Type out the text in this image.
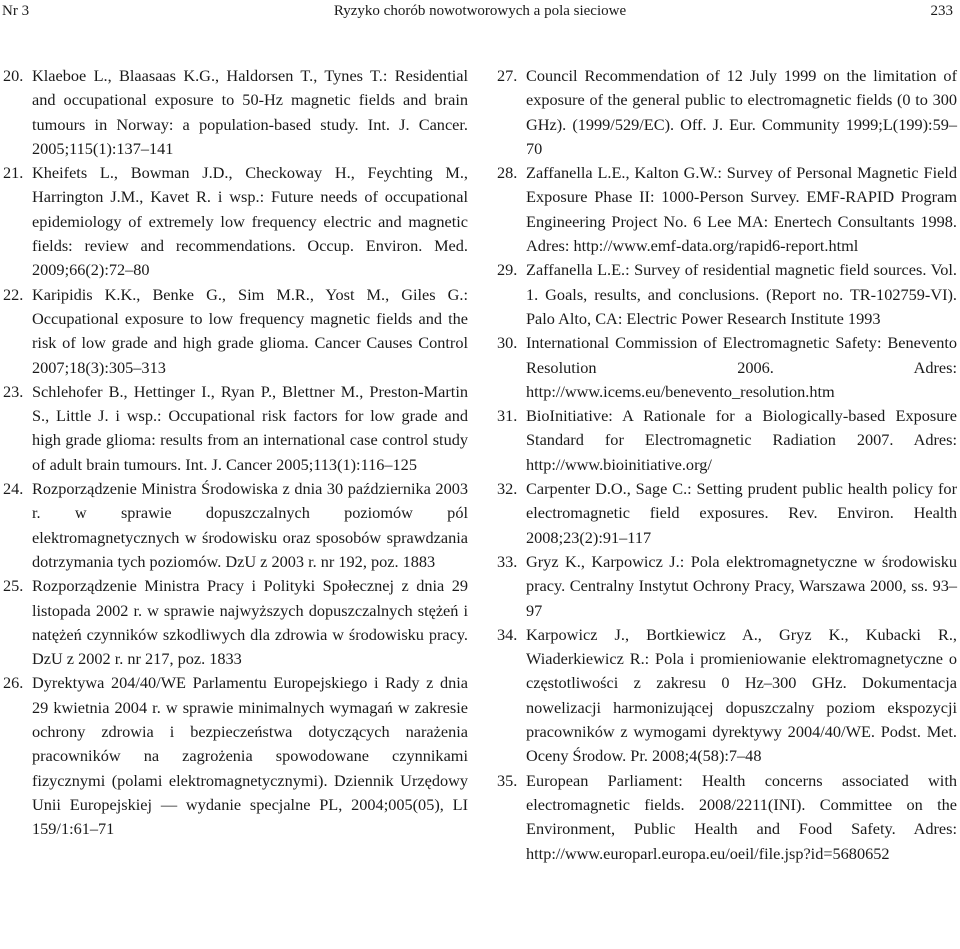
Nr 3	Ryzyko chorób nowotworowych a pola sieciowe	233

20. Klaeboe L., Blaasaas K.G., Haldorsen T., Tynes T.: Residential and occupational exposure to 50-Hz magnetic fields and brain tumours in Norway: a population-based study. Int. J. Cancer. 2005;115(1):137–141

21. Kheifets L., Bowman J.D., Checkoway H., Feychting M., Harrington J.M., Kavet R. i wsp.: Future needs of occupational epidemiology of extremely low frequency electric and magnetic fields: review and recommendations. Occup. Environ. Med. 2009;66(2):72–80

22. Karipidis K.K., Benke G., Sim M.R., Yost M., Giles G.: Occupational exposure to low frequency magnetic fields and the risk of low grade and high grade glioma. Cancer Causes Control 2007;18(3):305–313

23. Schlehofer B., Hettinger I., Ryan P., Blettner M., Preston-Martin S., Little J. i wsp.: Occupational risk factors for low grade and high grade glioma: results from an international case control study of adult brain tumours. Int. J. Cancer 2005;113(1):116–125

24. Rozporządzenie Ministra Środowiska z dnia 30 października 2003 r. w sprawie dopuszczalnych poziomów pól elektromagnetycznych w środowisku oraz sposobów sprawdzania dotrzymania tych poziomów. DzU z 2003 r. nr 192, poz. 1883

25. Rozporządzenie Ministra Pracy i Polityki Społecznej z dnia 29 listopada 2002 r. w sprawie najwyższych dopuszczalnych stężeń i natężeń czynników szkodliwych dla zdrowia w środowisku pracy. DzU z 2002 r. nr 217, poz. 1833

26. Dyrektywa 204/40/WE Parlamentu Europejskiego i Rady z dnia 29 kwietnia 2004 r. w sprawie minimalnych wymagań w zakresie ochrony zdrowia i bezpieczeństwa dotyczących narażenia pracowników na zagrożenia spowodowane czynnikami fizycznymi (polami elektromagnetycznymi). Dziennik Urzędowy Unii Europejskiej — wydanie specjalne PL, 2004;005(05), LI 159/1:61–71

27. Council Recommendation of 12 July 1999 on the limitation of exposure of the general public to electromagnetic fields (0 to 300 GHz). (1999/529/EC). Off. J. Eur. Community 1999;L(199):59–70

28. Zaffanella L.E., Kalton G.W.: Survey of Personal Magnetic Field Exposure Phase II: 1000-Person Survey. EMF-RAPID Program Engineering Project No. 6 Lee MA: Enertech Consultants 1998. Adres: http://www.emf-data.org/rapid6-report.html

29. Zaffanella L.E.: Survey of residential magnetic field sources. Vol. 1. Goals, results, and conclusions. (Report no. TR-102759-VI). Palo Alto, CA: Electric Power Research Institute 1993

30. International Commission of Electromagnetic Safety: Benevento Resolution 2006. Adres: http://www.icems.eu/benevento_resolution.htm

31. BioInitiative: A Rationale for a Biologically-based Exposure Standard for Electromagnetic Radiation 2007. Adres: http://www.bioinitiative.org/

32. Carpenter D.O., Sage C.: Setting prudent public health policy for electromagnetic field exposures. Rev. Environ. Health 2008;23(2):91–117

33. Gryz K., Karpowicz J.: Pola elektromagnetyczne w środowisku pracy. Centralny Instytut Ochrony Pracy, Warszawa 2000, ss. 93–97

34. Karpowicz J., Bortkiewicz A., Gryz K., Kubacki R., Wiaderkiewicz R.: Pola i promieniowanie elektromagnetyczne o częstotliwości z zakresu 0 Hz–300 GHz. Dokumentacja nowelizacji harmonizującej dopuszczalny poziom ekspozycji pracowników z wymogami dyrektywy 2004/40/WE. Podst. Met. Oceny Środow. Pr. 2008;4(58):7–48

35. European Parliament: Health concerns associated with electromagnetic fields. 2008/2211(INI). Committee on the Environment, Public Health and Food Safety. Adres: http://www.europarl.europa.eu/oeil/file.jsp?id=5680652
